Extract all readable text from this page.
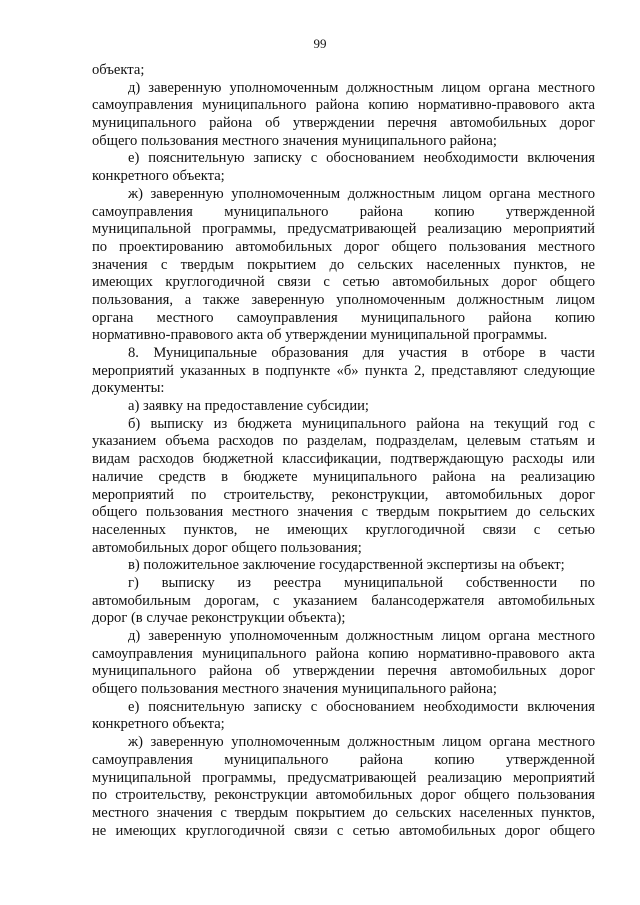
99
объекта;
д) заверенную уполномоченным должностным лицом органа местного
самоуправления муниципального района копию нормативно-правового акта
муниципального района об утверждении перечня автомобильных дорог
общего пользования местного значения муниципального района;
е) пояснительную записку с обоснованием необходимости включения
конкретного объекта;
ж) заверенную уполномоченным должностным лицом органа местного
самоуправления муниципального района копию утвержденной
муниципальной программы, предусматривающей реализацию мероприятий
по проектированию автомобильных дорог общего пользования местного
значения с твердым покрытием до сельских населенных пунктов, не
имеющих круглогодичной связи с сетью автомобильных дорог общего
пользования, а также заверенную уполномоченным должностным лицом
органа местного самоуправления муниципального района копию
нормативно-правового акта об утверждении муниципальной программы.
8. Муниципальные образования для участия в отборе в части
мероприятий указанных в подпункте «б» пункта 2, представляют следующие
документы:
а) заявку на предоставление субсидии;
б) выписку из бюджета муниципального района на текущий год с
указанием объема расходов по разделам, подразделам, целевым статьям и
видам расходов бюджетной классификации, подтверждающую расходы или
наличие средств в бюджете муниципального района на реализацию
мероприятий по строительству, реконструкции, автомобильных дорог
общего пользования местного значения с твердым покрытием до сельских
населенных пунктов, не имеющих круглогодичной связи с сетью
автомобильных дорог общего пользования;
в) положительное заключение государственной экспертизы на объект;
г) выписку из реестра муниципальной собственности по
автомобильным дорогам, с указанием балансодержателя автомобильных
дорог (в случае реконструкции объекта);
д) заверенную уполномоченным должностным лицом органа местного
самоуправления муниципального района копию нормативно-правового акта
муниципального района об утверждении перечня автомобильных дорог
общего пользования местного значения муниципального района;
е) пояснительную записку с обоснованием необходимости включения
конкретного объекта;
ж) заверенную уполномоченным должностным лицом органа местного
самоуправления муниципального района копию утвержденной
муниципальной программы, предусматривающей реализацию мероприятий
по строительству, реконструкции автомобильных дорог общего пользования
местного значения с твердым покрытием до сельских населенных пунктов,
не имеющих круглогодичной связи с сетью автомобильных дорог общего
